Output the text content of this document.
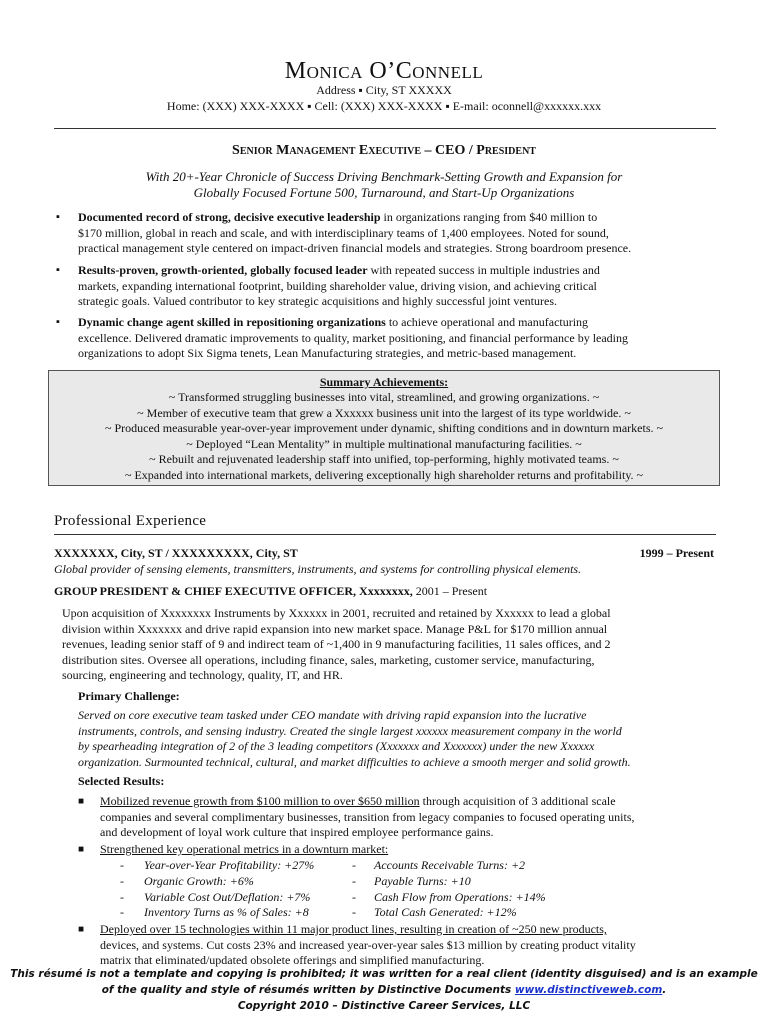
Monica O’Connell
Address ▪ City, ST XXXXX
Home: (XXX) XXX-XXXX ▪ Cell: (XXX) XXX-XXXX ▪ E-mail: oconnell@xxxxxx.xxx
Senior Management Executive – CEO / President
With 20+-Year Chronicle of Success Driving Benchmark-Setting Growth and Expansion for
Globally Focused Fortune 500, Turnaround, and Start-Up Organizations
▪ Documented record of strong, decisive executive leadership in organizations ranging from $40 million to
$170 million, global in reach and scale, and with interdisciplinary teams of 1,400 employees. Noted for sound,
practical management style centered on impact-driven financial models and strategies. Strong boardroom presence.
▪ Results-proven, growth-oriented, globally focused leader with repeated success in multiple industries and
markets, expanding international footprint, building shareholder value, driving vision, and achieving critical
strategic goals. Valued contributor to key strategic acquisitions and highly successful joint ventures.
▪ Dynamic change agent skilled in repositioning organizations to achieve operational and manufacturing
excellence. Delivered dramatic improvements to quality, market positioning, and financial performance by leading
organizations to adopt Six Sigma tenets, Lean Manufacturing strategies, and metric-based management.
Summary Achievements:
~ Transformed struggling businesses into vital, streamlined, and growing organizations. ~
~ Member of executive team that grew a Xxxxxx business unit into the largest of its type worldwide. ~
~ Produced measurable year-over-year improvement under dynamic, shifting conditions and in downturn markets. ~
~ Deployed “Lean Mentality” in multiple multinational manufacturing facilities. ~
~ Rebuilt and rejuvenated leadership staff into unified, top-performing, highly motivated teams. ~
~ Expanded into international markets, delivering exceptionally high shareholder returns and profitability. ~
Professional Experience
XXXXXXX, City, ST / XXXXXXXXX, City, ST	1999 – Present
Global provider of sensing elements, transmitters, instruments, and systems for controlling physical elements.
GROUP PRESIDENT & CHIEF EXECUTIVE OFFICER, Xxxxxxxx, 2001 – Present
Upon acquisition of Xxxxxxxx Instruments by Xxxxxx in 2001, recruited and retained by Xxxxxx to lead a global
division within Xxxxxxx and drive rapid expansion into new market space. Manage P&L for $170 million annual
revenues, leading senior staff of 9 and indirect team of ~1,400 in 9 manufacturing facilities, 11 sales offices, and 2
distribution sites. Oversee all operations, including finance, sales, marketing, customer service, manufacturing,
sourcing, engineering and technology, quality, IT, and HR.
Primary Challenge:
Served on core executive team tasked under CEO mandate with driving rapid expansion into the lucrative
instruments, controls, and sensing industry. Created the single largest xxxxxx measurement company in the world
by spearheading integration of 2 of the 3 leading competitors (Xxxxxxx and Xxxxxxx) under the new Xxxxxx
organization. Surmounted technical, cultural, and market difficulties to achieve a smooth merger and solid growth.
Selected Results:
■ Mobilized revenue growth from $100 million to over $650 million through acquisition of 3 additional scale
companies and several complimentary businesses, transition from legacy companies to focused operating units,
and development of loyal work culture that inspired employee performance gains.
■ Strengthened key operational metrics in a downturn market:
- Year-over-Year Profitability: +27%	- Accounts Receivable Turns: +2
- Organic Growth: +6%	- Payable Turns: +10
- Variable Cost Out/Deflation: +7%	- Cash Flow from Operations: +14%
- Inventory Turns as % of Sales: +8	- Total Cash Generated: +12%
■ Deployed over 15 technologies within 11 major product lines, resulting in creation of ~250 new products,
devices, and systems. Cut costs 23% and increased year-over-year sales $13 million by creating product vitality
matrix that eliminated/updated obsolete offerings and simplified manufacturing.
This résumé is not a template and copying is prohibited; it was written for a real client (identity disguised) and is an example
of the quality and style of résumés written by Distinctive Documents www.distinctiveweb.com.
Copyright 2010 – Distinctive Career Services, LLC
